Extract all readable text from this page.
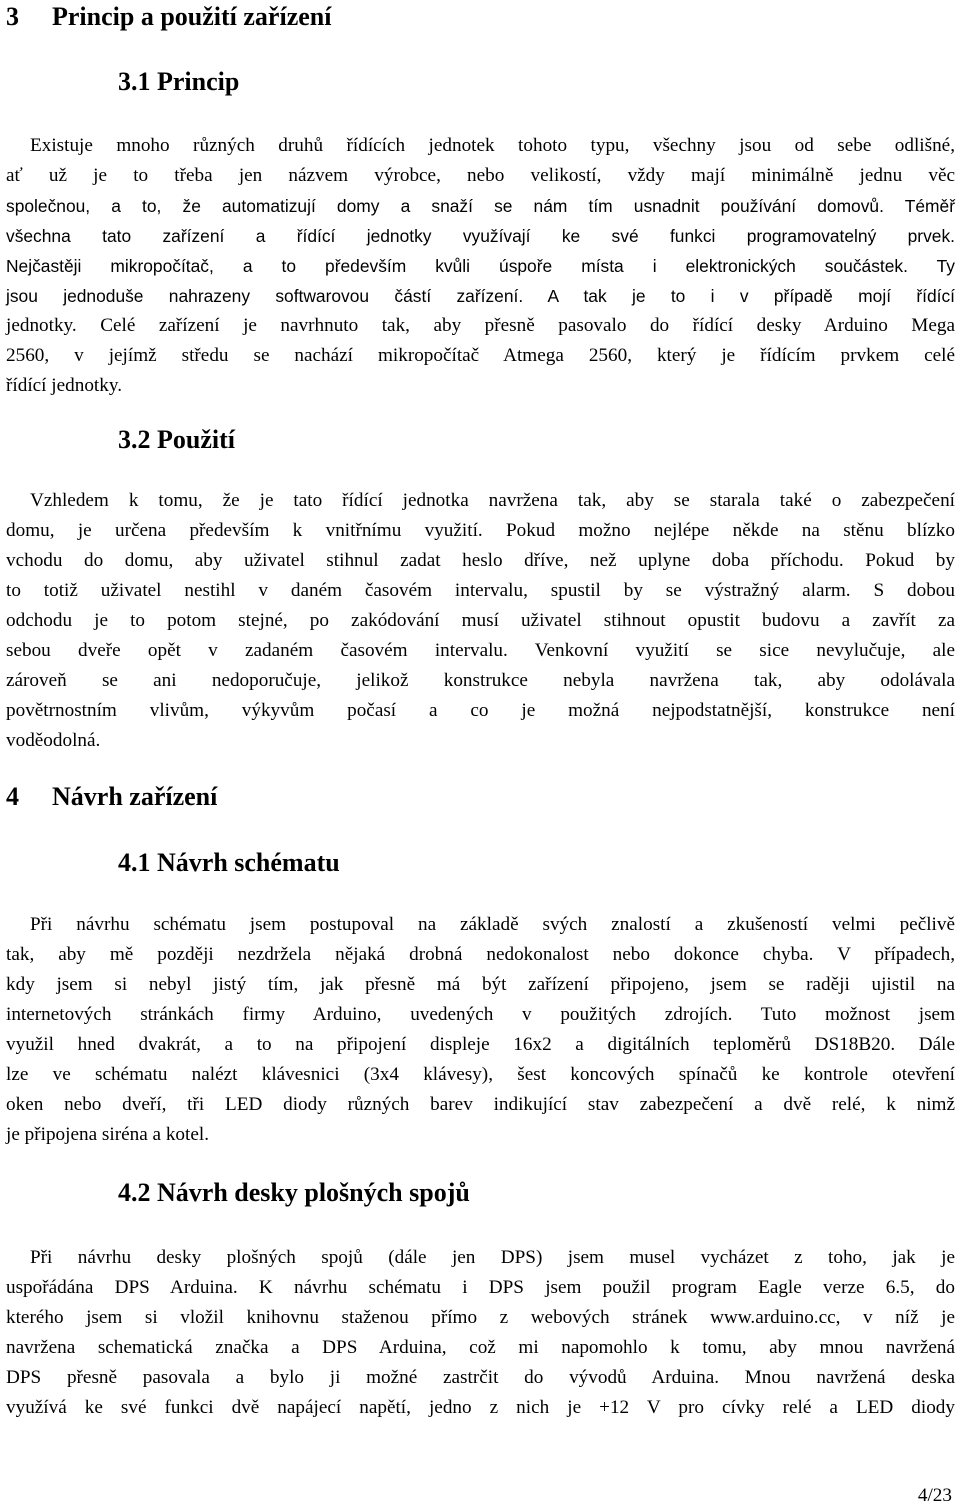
3 Princip a použití zařízení
3.1 Princip
Existuje mnoho různých druhů řídících jednotek tohoto typu, všechny jsou od sebe odlišné,
ať už je to třeba jen názvem výrobce, nebo velikostí, vždy mají minimálně jednu věc
společnou, a to, že automatizují domy a snaží se nám tím usnadnit používání domovů. Téměř
všechna tato zařízení a řídící jednotky využívají ke své funkci programovatelný prvek.
Nejčastěji mikropočítač, a to především kvůli úspoře místa i elektronických součástek. Ty
jsou jednoduše nahrazeny softwarovou částí zařízení. A tak je to i v případě mojí řídící
jednotky. Celé zařízení je navrhnuto tak, aby přesně pasovalo do řídící desky Arduino Mega
2560, v jejímž středu se nachází mikropočítač Atmega 2560, který je řídícím prvkem celé
řídící jednotky.
3.2 Použití
Vzhledem k tomu, že je tato řídící jednotka navržena tak, aby se starala také o zabezpečení
domu, je určena především k vnitřnímu využití. Pokud možno nejlépe někde na stěnu blízko
vchodu do domu, aby uživatel stihnul zadat heslo dříve, než uplyne doba příchodu. Pokud by
to totiž uživatel nestihl v daném časovém intervalu, spustil by se výstražný alarm. S dobou
odchodu je to potom stejné, po zakódování musí uživatel stihnout opustit budovu a zavřít za
sebou dveře opět v zadaném časovém intervalu. Venkovní využití se sice nevylučuje, ale
zároveň se ani nedoporučuje, jelikož konstrukce nebyla navržena tak, aby odolávala
povětrnostním vlivům, výkyvům počasí a co je možná nejpodstatnější, konstrukce není
voděodolná.
4 Návrh zařízení
4.1 Návrh schématu
Při návrhu schématu jsem postupoval na základě svých znalostí a zkušeností velmi pečlivě
tak, aby mě později nezdržela nějaká drobná nedokonalost nebo dokonce chyba. V případech,
kdy jsem si nebyl jistý tím, jak přesně má být zařízení připojeno, jsem se raději ujistil na
internetových stránkách firmy Arduino, uvedených v použitých zdrojích. Tuto možnost jsem
využil hned dvakrát, a to na připojení displeje 16x2 a digitálních teploměrů DS18B20. Dále
lze ve schématu nalézt klávesnici (3x4 klávesy), šest koncových spínačů ke kontrole otevření
oken nebo dveří, tři LED diody různých barev indikující stav zabezpečení a dvě relé, k nimž
je připojena siréna a kotel.
4.2 Návrh desky plošných spojů
Při návrhu desky plošných spojů (dále jen DPS) jsem musel vycházet z toho, jak je
uspořádána DPS Arduina. K návrhu schématu i DPS jsem použil program Eagle verze 6.5, do
kterého jsem si vložil knihovnu staženou přímo z webových stránek www.arduino.cc, v níž je
navržena schematická značka a DPS Arduina, což mi napomohlo k tomu, aby mnou navržená
DPS přesně pasovala a bylo ji možné zastrčit do vývodů Arduina. Mnou navržená deska
využívá ke své funkci dvě napájecí napětí, jedno z nich je +12 V pro cívky relé a LED diody
4/23
